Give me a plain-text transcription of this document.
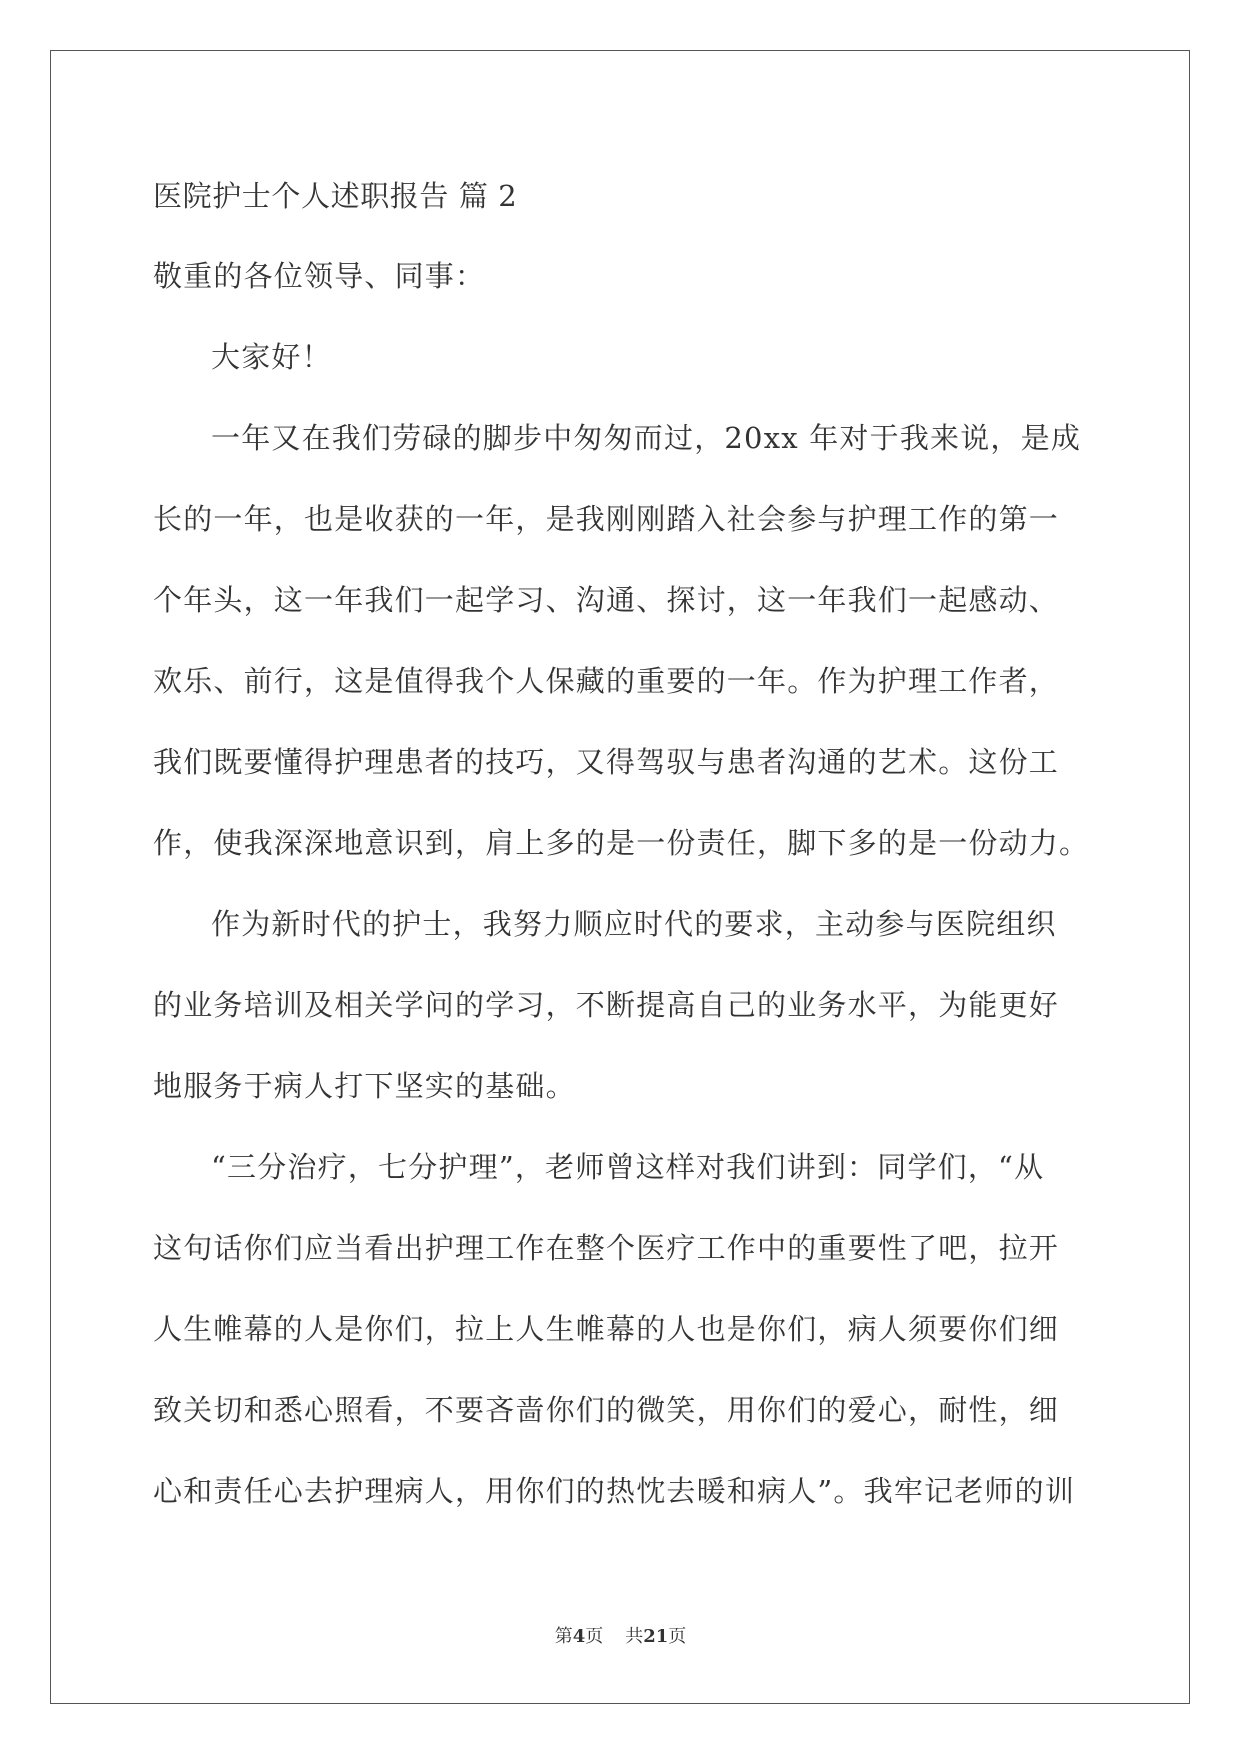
医院护士个人述职报告 篇 2
敬重的各位领导、同事：
大家好！
一年又在我们劳碌的脚步中匆匆而过，20xx 年对于我来说，是成
长的一年，也是收获的一年，是我刚刚踏入社会参与护理工作的第一
个年头，这一年我们一起学习、沟通、探讨，这一年我们一起感动、
欢乐、前行，这是值得我个人保藏的重要的一年。作为护理工作者，
我们既要懂得护理患者的技巧，又得驾驭与患者沟通的艺术。这份工
作，使我深深地意识到，肩上多的是一份责任，脚下多的是一份动力。
作为新时代的护士，我努力顺应时代的要求，主动参与医院组织
的业务培训及相关学问的学习，不断提高自己的业务水平，为能更好
地服务于病人打下坚实的基础。
“三分治疗，七分护理”，老师曾这样对我们讲到：同学们，“从
这句话你们应当看出护理工作在整个医疗工作中的重要性了吧，拉开
人生帷幕的人是你们，拉上人生帷幕的人也是你们，病人须要你们细
致关切和悉心照看，不要吝啬你们的微笑，用你们的爱心，耐性，细
心和责任心去护理病人，用你们的热忱去暖和病人”。我牢记老师的训
第4页 共21页
